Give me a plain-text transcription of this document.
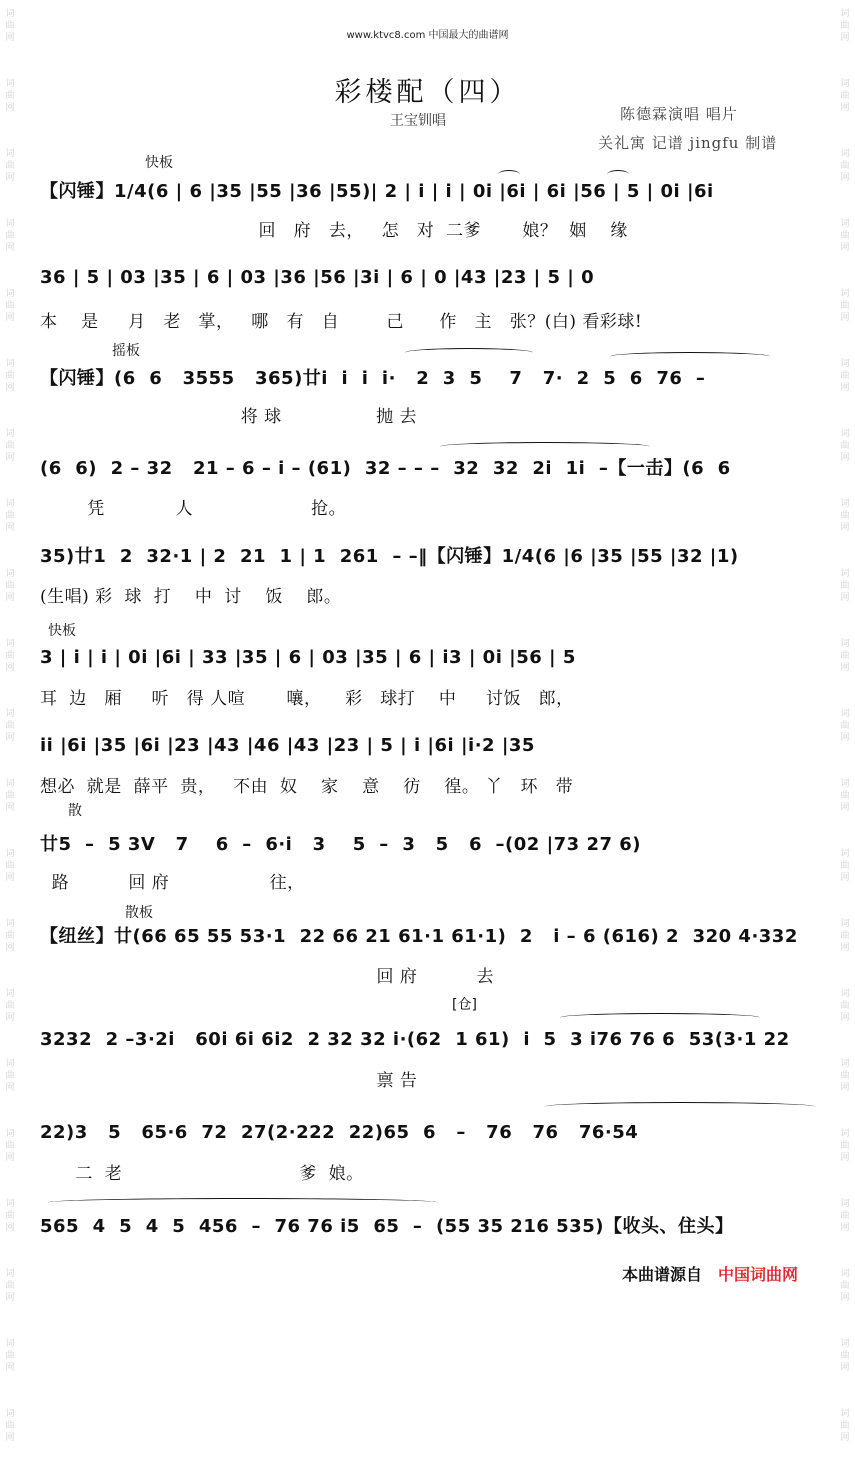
词
曲
网
词
曲
网
词
曲
网
词
曲
网
词
曲
网
词
曲
网
词
曲
网
词
曲
网
词
曲
网
词
曲
网
词
曲
网
词
曲
网
词
曲
网
词
曲
网
词
曲
网
词
曲
网
词
曲
网
词
曲
网
词
曲
网
词
曲
网
词
曲
网
词
曲
网
词
曲
网
词
曲
网
词
曲
网
词
曲
网
词
曲
网
词
曲
网
词
曲
网
词
曲
网
词
曲
网
词
曲
网
词
曲
网
词
曲
网
词
曲
网
词
曲
网
词
曲
网
词
曲
网
词
曲
网
词
曲
网
词
曲
网
词
曲
网
www.ktvc8.com 中国最大的曲谱网
彩楼配（四）
王宝钏唱	陈德霖演唱 唱片
关礼寓 记谱 jingfu 制谱
快板
【闪锤】1/4(6 | 6 |35 |55 |36 |55)| 2 | i | i | 0i |6i | 6i |56 | 5 | 0i |6i
回   府   去，   怎   对  二爹       娘？  姻    缘
36 | 5 | 03 |35 | 6 | 03 |36 |56 |3i | 6 | 0 |43 |23 | 5 | 0
本    是     月   老   掌，   哪   有   自        己      作   主   张？(白) 看彩球!
摇板
【闪锤】(6  6   3555   365)廿i  i  i  i·   2  3  5    7   7·  2  5  6  76  –
将 球                抛 去
(6  6)  2 – 32   21 – 6 – i – (61)  32 – – –  32  32  2i  1i  –【一击】(6  6
凭            人                    抢。
35)廿1  2  32·1 | 2  21  1 | 1  261  – –‖【闪锤】1/4(6 |6 |35 |55 |32 |1)
(生唱) 彩  球  打    中  讨    饭    郎。
快板
3 | i | i | 0i |6i | 33 |35 | 6 | 03 |35 | 6 | i3 | 0i |56 | 5
耳  边   厢     听   得 人喧       嚷，    彩   球打    中     讨饭   郎，
ii |6i |35 |6i |23 |43 |46 |43 |23 | 5 | i |6i |i·2 |35
想必  就是  薛平  贵，   不由  奴    家    意    彷    徨。 丫   环   带
散
廿5  –  5 3V   7    6  –  6·i   3    5  –  3   5   6  –(02 |73 27 6)
路          回 府                 往，
散板
【纽丝】廿(66 65 55 53·1  22 66 21 61·1 61·1)  2   i – 6 (616) 2  320 4·332
回 府          去
[仓]
3232  2 –3·2i   60i 6i 6i2  2 32 32 i·(62  1 61)  i  5  3 i76 76 6  53(3·1 22
禀 告
22)3   5   65·6  72  27(2·222  22)65  6   –   76   76   76·54
二  老                              爹  娘。
565  4  5  4  5  456  –  76 76 i5  65  –  (55 35 216 535)【收头、住头】
本曲谱源自 中国词曲网
